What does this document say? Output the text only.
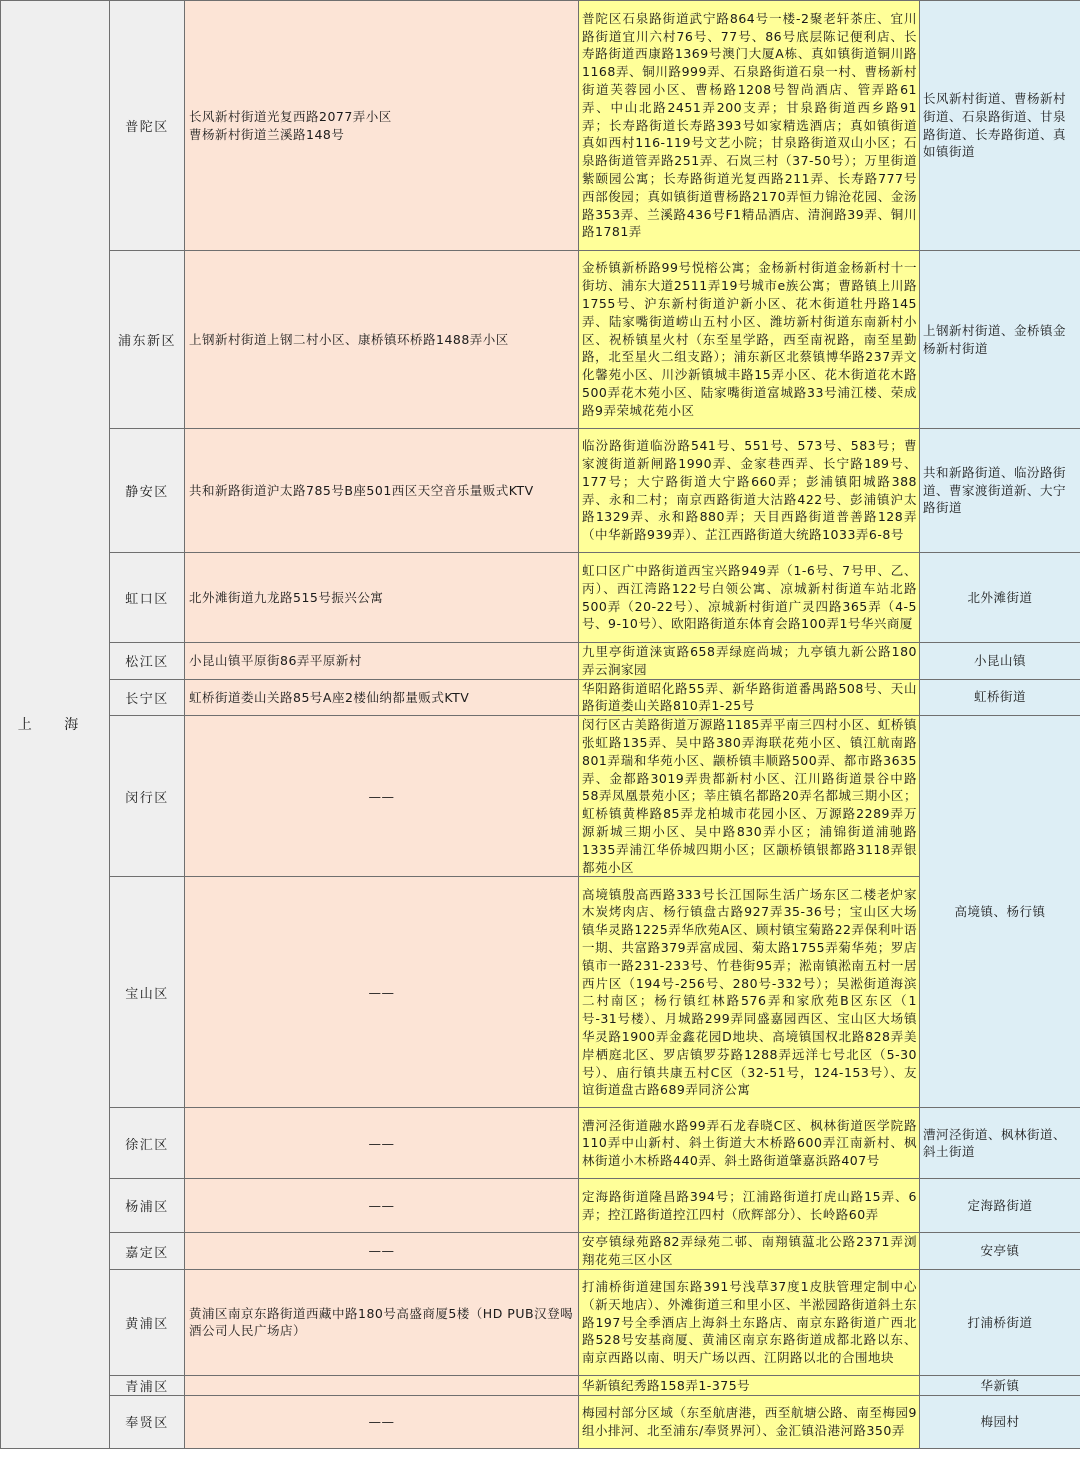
上 海	普陀区	长风新村街道光复西路2077弄小区
曹杨新村街道兰溪路148号	普陀区石泉路街道武宁路864号一楼-2聚老轩茶庄、宜川路街道宜川六村76号、77号、86号底层陈记便利店、长寿路街道西康路1369号澳门大厦A栋、真如镇街道铜川路1168弄、铜川路999弄、石泉路街道石泉一村、曹杨新村街道芙蓉园小区、曹杨路1208号智尚酒店、管弄路61弄、中山北路2451弄200支弄；甘泉路街道西乡路91弄；长寿路街道长寿路393号如家精选酒店；真如镇街道真如西村116-119号文艺小院；甘泉路街道双山小区；石泉路街道管弄路251弄、石岚三村（37-50号）；万里街道紫颐园公寓；长寿路街道光复西路211弄、长寿路777号西部俊园；真如镇街道曹杨路2170弄恒力锦沧花园、金汤路353弄、兰溪路436号F1精品酒店、清涧路39弄、铜川路1781弄	长风新村街道、曹杨新村街道、石泉路街道、甘泉路街道、长寿路街道、真如镇街道
	浦东新区	上钢新村街道上钢二村小区、康桥镇环桥路1488弄小区	金桥镇新桥路99号悦榕公寓；金杨新村街道金杨新村十一街坊、浦东大道2511弄19号城市e族公寓；曹路镇上川路1755号、沪东新村街道沪新小区、花木街道牡丹路145弄、陆家嘴街道崂山五村小区、潍坊新村街道东南新村小区、祝桥镇星火村（东至星学路，西至南祝路，南至星勤路，北至星火二组支路）；浦东新区北蔡镇博华路237弄文化馨苑小区、川沙新镇城丰路15弄小区、花木街道花木路500弄花木苑小区、陆家嘴街道富城路33号浦江楼、荣成路9弄荣城花苑小区	上钢新村街道、金桥镇金杨新村街道
	静安区	共和新路街道沪太路785号B座501西区天空音乐量贩式KTV	临汾路街道临汾路541号、551号、573号、583号；曹家渡街道新闸路1990弄、金家巷西弄、长宁路189号、177号；大宁路街道大宁路660弄；彭浦镇阳城路388弄、永和二村；南京西路街道大沽路422号、彭浦镇沪太路1329弄、永和路880弄；天目西路街道普善路128弄（中华新路939弄）、芷江西路街道大统路1033弄6-8号	共和新路街道、临汾路街道、曹家渡街道新、大宁路街道
	虹口区	北外滩街道九龙路515号振兴公寓	虹口区广中路街道西宝兴路949弄（1-6号、7号甲、乙、丙）、西江湾路122号白领公寓、凉城新村街道车站北路500弄（20-22号）、凉城新村街道广灵四路365弄（4-5号、9-10号）、欧阳路街道东体育会路100弄1号华兴商厦	北外滩街道
	松江区	小昆山镇平原街86弄平原新村	九里亭街道涞寅路658弄绿庭尚城；九亭镇九新公路180弄云涧家园	小昆山镇
	长宁区	虹桥街道娄山关路85号A座2楼仙纳都量贩式KTV	华阳路街道昭化路55弄、新华路街道番禺路508号、天山路街道娄山关路810弄1-25号	虹桥街道
	闵行区	——	闵行区古美路街道万源路1185弄平南三四村小区、虹桥镇张虹路135弄、吴中路380弄海联花苑小区、镇江航南路801弄瑞和华苑小区、颛桥镇丰顺路500弄、都市路3635弄、金都路3019弄贵都新村小区、江川路街道景谷中路58弄凤凰景苑小区；莘庄镇名都路20弄名都城三期小区；虹桥镇黄桦路85弄龙柏城市花园小区、万源路2289弄万源新城三期小区、吴中路830弄小区；浦锦街道浦驰路1335弄浦江华侨城四期小区；区颛桥镇银都路3118弄银都苑小区	高境镇、杨行镇
	宝山区	——	高境镇殷高西路333号长江国际生活广场东区二楼老炉家木炭烤肉店、杨行镇盘古路927弄35-36号；宝山区大场镇华灵路1225弄华欣苑A区、顾村镇宝菊路22弄保利叶语一期、共富路379弄富成园、菊太路1755弄菊华苑；罗店镇市一路231-233号、竹巷街95弄；淞南镇淞南五村一居西片区（194号-256号、280号-332号）；吴淞街道海滨二村南区；杨行镇红林路576弄和家欣苑B区东区（1号-31号楼）、月城路299弄同盛嘉园西区、宝山区大场镇华灵路1900弄金鑫花园D地块、高境镇国权北路828弄美岸栖庭北区、罗店镇罗芬路1288弄远洋七号北区（5-30号）、庙行镇共康五村C区（32-51号，124-153号）、友谊街道盘古路689弄同济公寓	
	徐汇区	——	漕河泾街道融水路99弄石龙春晓C区、枫林街道医学院路110弄中山新村、斜土街道大木桥路600弄江南新村、枫林街道小木桥路440弄、斜土路街道肇嘉浜路407号	漕河泾街道、枫林街道、斜土街道
	杨浦区	——	定海路街道隆昌路394号；江浦路街道打虎山路15弄、6弄；控江路街道控江四村（欣辉部分）、长岭路60弄	定海路街道
	嘉定区	——	安亭镇绿苑路82弄绿苑二邨、南翔镇蕰北公路2371弄浏翔花苑三区小区	安亭镇
	黄浦区	黄浦区南京东路街道西藏中路180号高盛商厦5楼（HD PUB汉登喝酒公司人民广场店）	打浦桥街道建国东路391号浅草37度1皮肤管理定制中心（新天地店）、外滩街道三和里小区、半淞园路街道斜土东路197号全季酒店上海斜土东路店、南京东路街道广西北路528号安基商厦、黄浦区南京东路街道成都北路以东、南京西路以南、明天广场以西、江阴路以北的合围地块	打浦桥街道
	青浦区		华新镇纪秀路158弄1-375号	华新镇
	奉贤区	——	梅园村部分区域（东至航唐港，西至航塘公路、南至梅园9组小排河、北至浦东/奉贤界河）、金汇镇沿港河路350弄	梅园村
